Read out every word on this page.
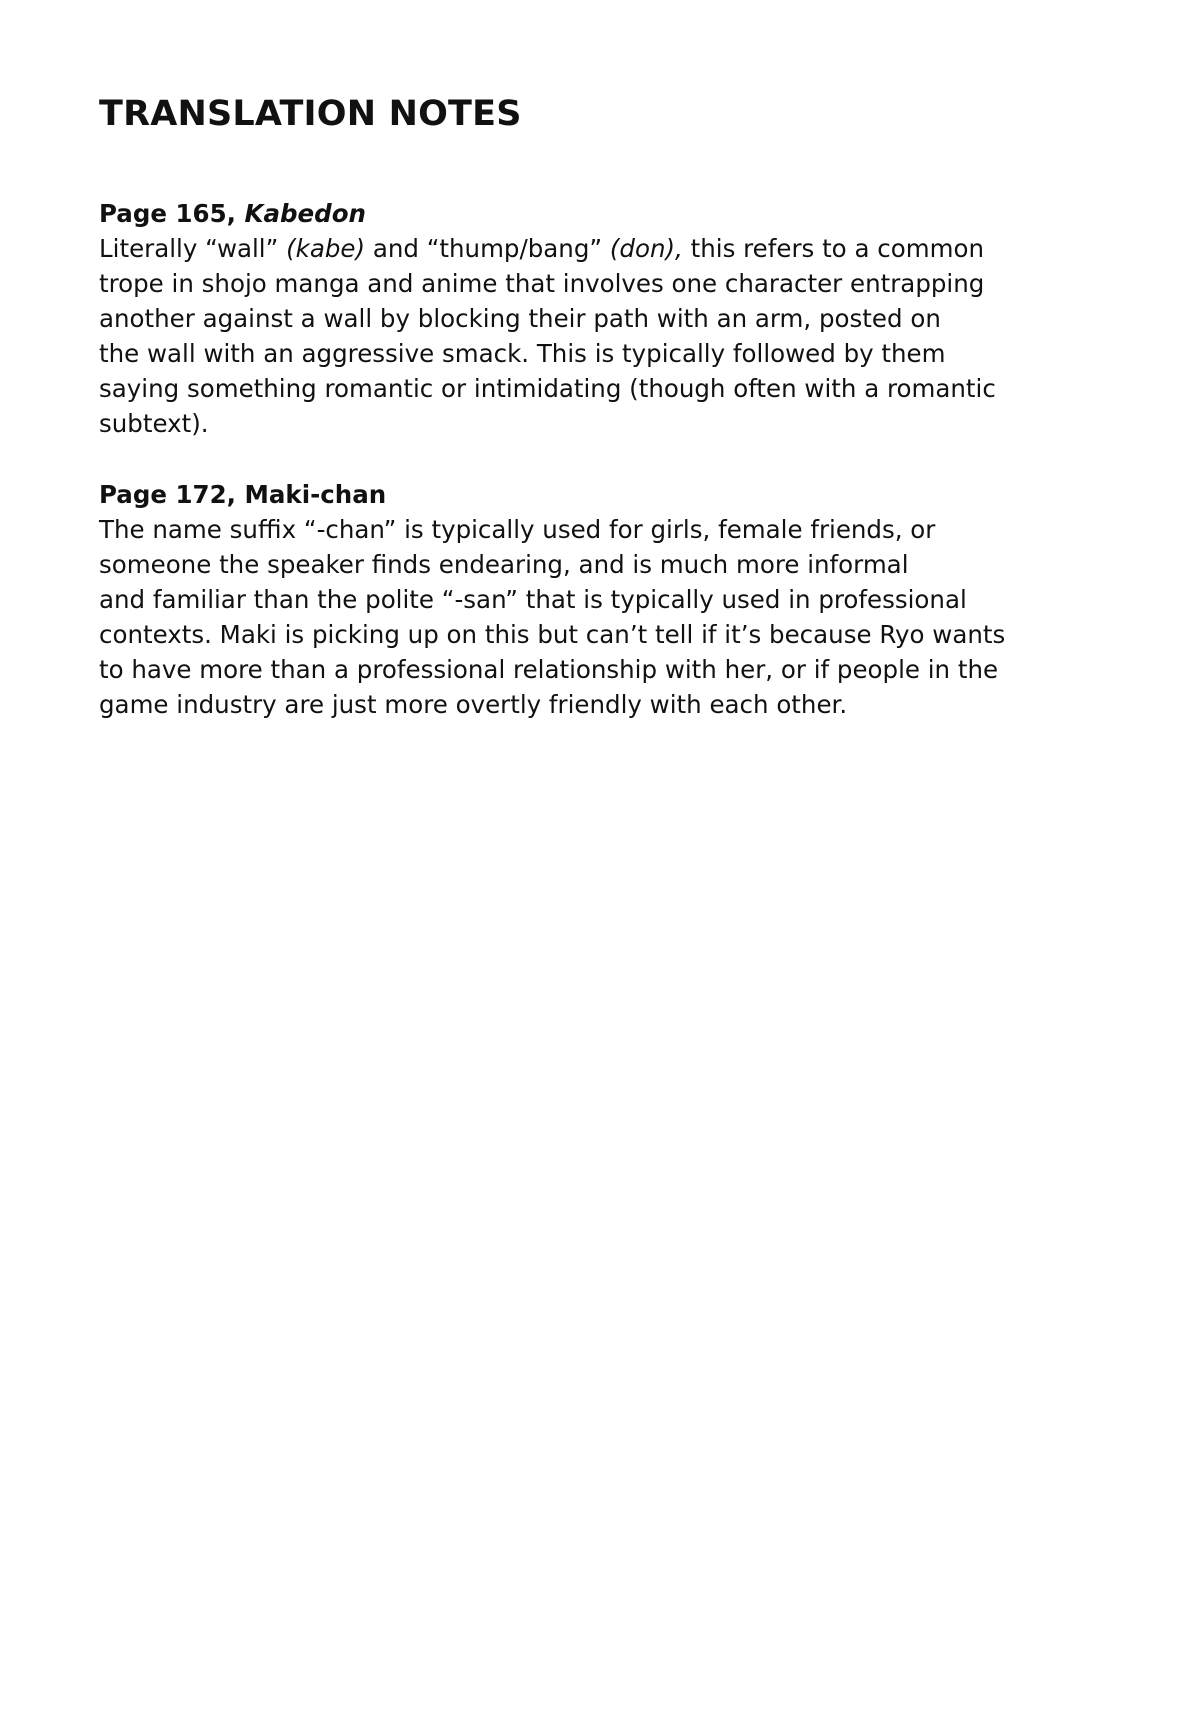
TRANSLATION NOTES

Page 165, Kabedon

Literally “wall” (kabe) and “thump/bang” (don), this refers to a common
trope in shojo manga and anime that involves one character entrapping
another against a wall by blocking their path with an arm, posted on
the wall with an aggressive smack. This is typically followed by them
saying something romantic or intimidating (though often with a romantic
subtext).

Page 172, Maki-chan

The name suffix “-chan” is typically used for girls, female friends, or
someone the speaker finds endearing, and is much more informal
and familiar than the polite “-san” that is typically used in professional
contexts. Maki is picking up on this but can’t tell if it’s because Ryo wants
to have more than a professional relationship with her, or if people in the
game industry are just more overtly friendly with each other.
